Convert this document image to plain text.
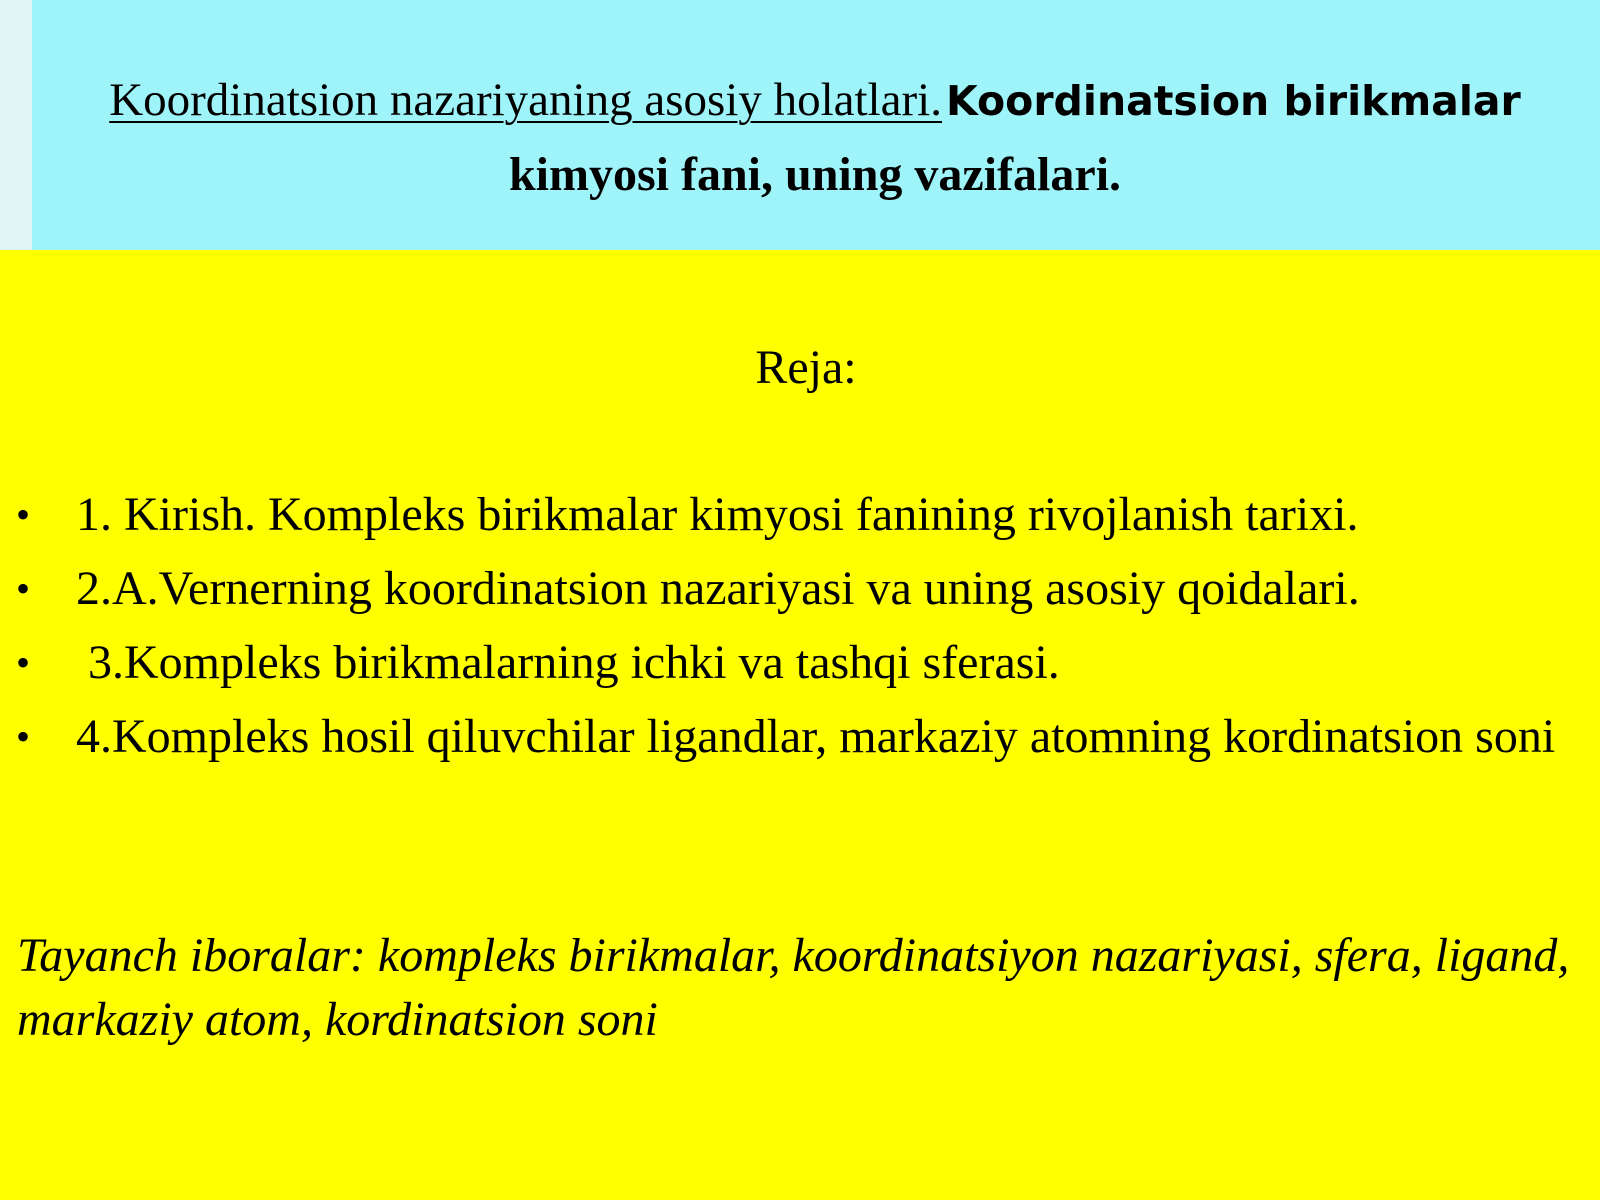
Koordinatsion nazariyaning asosiy holatlari. Koordinatsion birikmalar
kimyosi fani, uning vazifalari.
Reja:
• 1. Kirish. Kompleks birikmalar kimyosi fanining rivojlanish tarixi.
• 2.A.Vernerning koordinatsion nazariyasi va uning asosiy qoidalari.
• 3.Kompleks birikmalarning ichki va tashqi sferasi.
• 4.Kompleks hosil qiluvchilar ligandlar, markaziy atomning kordinatsion soni
Tayanch iboralar: kompleks birikmalar, koordinatsiyon nazariyasi, sfera, ligand, markaziy atom, kordinatsion soni
